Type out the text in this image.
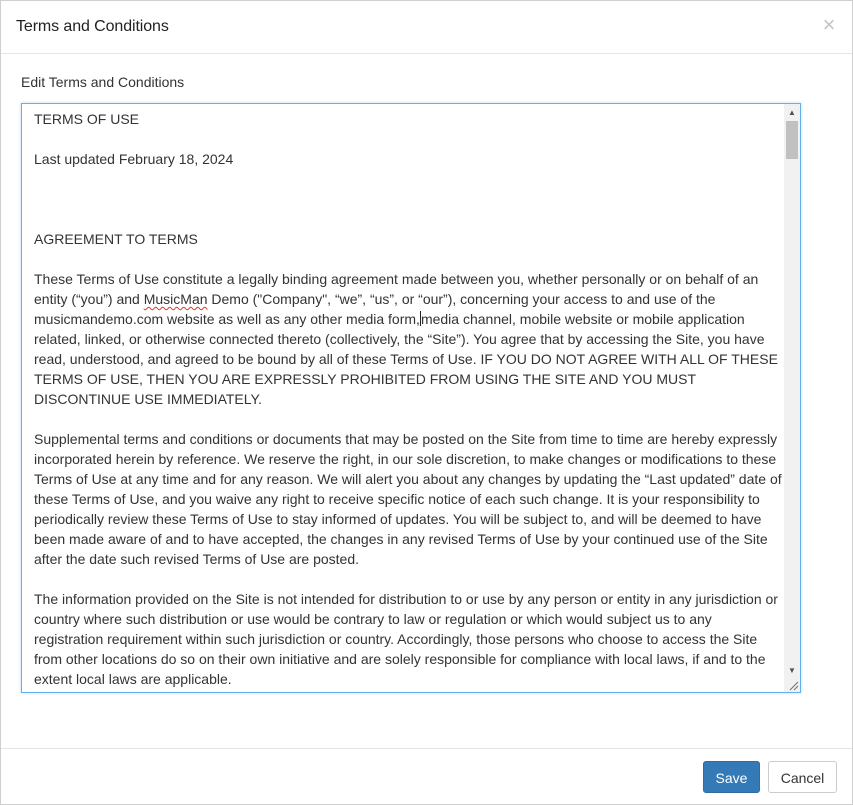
Terms and Conditions	×
Edit Terms and Conditions

TERMS OF USE

Last updated February 18, 2024

AGREEMENT TO TERMS

These Terms of Use constitute a legally binding agreement made between you, whether personally or on behalf of an entity (“you”) and MusicMan Demo ("Company", “we”, “us”, or “our”), concerning your access to and use of the musicmandemo.com website as well as any other media form,media channel, mobile website or mobile application related, linked, or otherwise connected thereto (collectively, the “Site”). You agree that by accessing the Site, you have read, understood, and agreed to be bound by all of these Terms of Use. IF YOU DO NOT AGREE WITH ALL OF THESE TERMS OF USE, THEN YOU ARE EXPRESSLY PROHIBITED FROM USING THE SITE AND YOU MUST DISCONTINUE USE IMMEDIATELY.

Supplemental terms and conditions or documents that may be posted on the Site from time to time are hereby expressly incorporated herein by reference. We reserve the right, in our sole discretion, to make changes or modifications to these Terms of Use at any time and for any reason. We will alert you about any changes by updating the “Last updated” date of these Terms of Use, and you waive any right to receive specific notice of each such change. It is your responsibility to periodically review these Terms of Use to stay informed of updates. You will be subject to, and will be deemed to have been made aware of and to have accepted, the changes in any revised Terms of Use by your continued use of the Site after the date such revised Terms of Use are posted.

The information provided on the Site is not intended for distribution to or use by any person or entity in any jurisdiction or country where such distribution or use would be contrary to law or regulation or which would subject us to any registration requirement within such jurisdiction or country. Accordingly, those persons who choose to access the Site from other locations do so on their own initiative and are solely responsible for compliance with local laws, if and to the extent local laws are applicable.

▲
▼
Save	Cancel
